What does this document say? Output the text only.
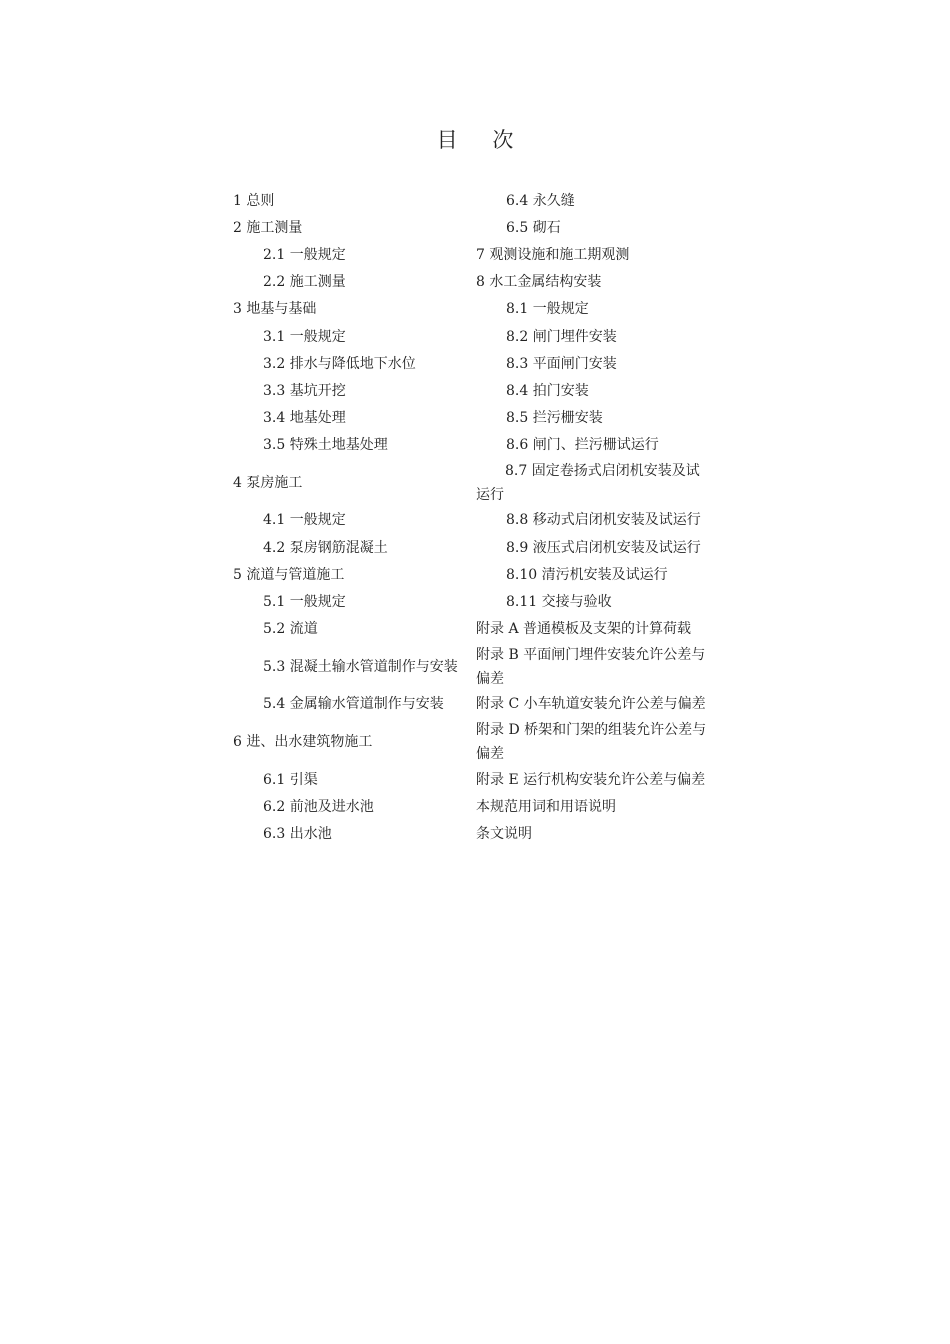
目 次
1 总则	6.4 永久缝
2 施工测量	6.5 砌石
2.1 一般规定	7 观测设施和施工期观测
2.2 施工测量	8 水工金属结构安装
3 地基与基础	8.1 一般规定
3.1 一般规定	8.2 闸门埋件安装
3.2 排水与降低地下水位	8.3 平面闸门安装
3.3 基坑开挖	8.4 拍门安装
3.4 地基处理	8.5 拦污栅安装
3.5 特殊土地基处理	8.6 闸门、拦污栅试运行
4 泵房施工	8.7 固定卷扬式启闭机安装及试运行
4.1 一般规定	8.8 移动式启闭机安装及试运行
4.2 泵房钢筋混凝土	8.9 液压式启闭机安装及试运行
5 流道与管道施工	8.10 清污机安装及试运行
5.1 一般规定	8.11 交接与验收
5.2 流道	附录 A 普通模板及支架的计算荷载
5.3 混凝土输水管道制作与安装	附录 B 平面闸门埋件安装允许公差与偏差
5.4 金属输水管道制作与安装	附录 C 小车轨道安装允许公差与偏差
6 进、出水建筑物施工	附录 D 桥架和门架的组装允许公差与偏差
6.1 引渠	附录 E 运行机构安装允许公差与偏差
6.2 前池及进水池	本规范用词和用语说明
6.3 出水池	条文说明
